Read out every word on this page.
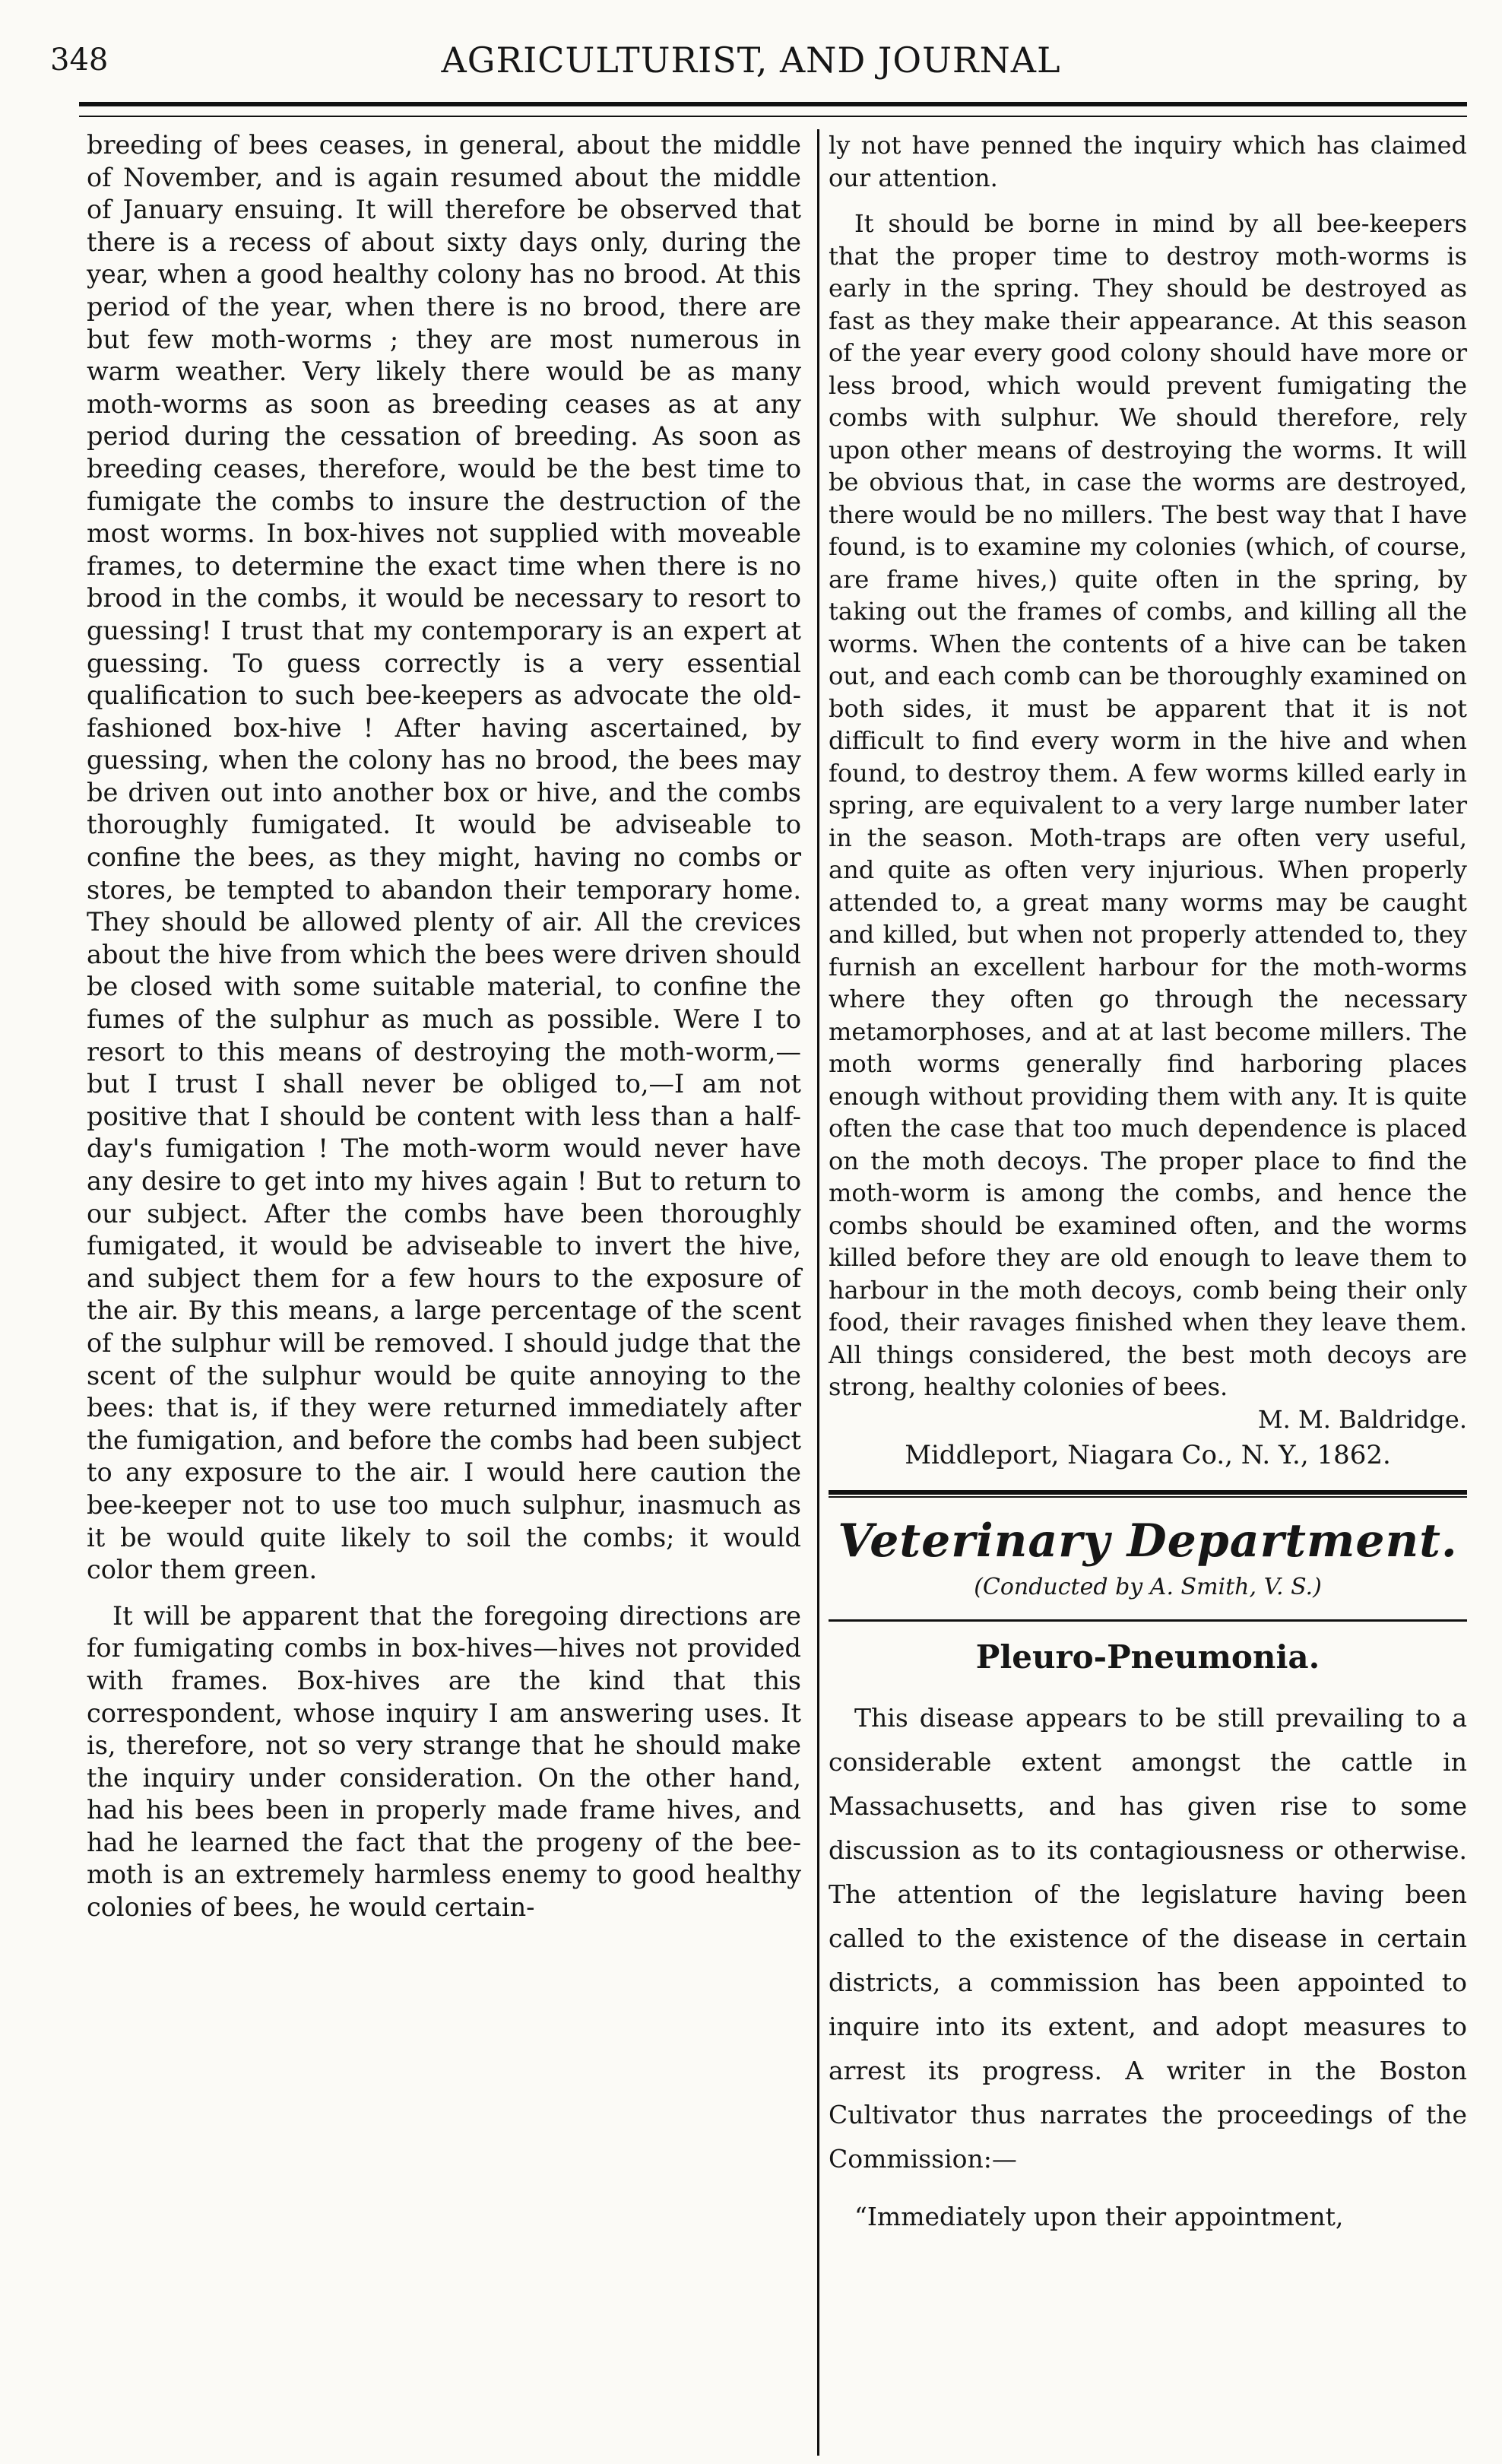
348	AGRICULTURIST, AND JOURNAL

breeding of bees ceases, in general, about the middle of November, and is again resumed about the middle of January ensuing. It will therefore be observed that there is a recess of about sixty days only, during the year, when a good healthy colony has no brood. At this period of the year, when there is no brood, there are but few moth-worms ; they are most numerous in warm weather. Very likely there would be as many moth-worms as soon as breeding ceases as at any period during the cessation of breeding. As soon as breeding ceases, therefore, would be the best time to fumigate the combs to insure the destruction of the most worms. In box-hives not supplied with moveable frames, to determine the exact time when there is no brood in the combs, it would be necessary to resort to guessing! I trust that my contemporary is an expert at guessing. To guess correctly is a very essential qualification to such bee-keepers as advocate the old-fashioned box-hive ! After having ascertained, by guessing, when the colony has no brood, the bees may be driven out into another box or hive, and the combs thoroughly fumigated. It would be adviseable to confine the bees, as they might, having no combs or stores, be tempted to abandon their temporary home. They should be allowed plenty of air. All the crevices about the hive from which the bees were driven should be closed with some suitable material, to confine the fumes of the sulphur as much as possible. Were I to resort to this means of destroying the moth-worm,—but I trust I shall never be obliged to,—I am not positive that I should be content with less than a half-day's fumigation ! The moth-worm would never have any desire to get into my hives again ! But to return to our subject. After the combs have been thoroughly fumigated, it would be adviseable to invert the hive, and subject them for a few hours to the exposure of the air. By this means, a large percentage of the scent of the sulphur will be removed. I should judge that the scent of the sulphur would be quite annoying to the bees: that is, if they were returned immediately after the fumigation, and before the combs had been subject to any exposure to the air. I would here caution the bee-keeper not to use too much sulphur, inasmuch as it be would quite likely to soil the combs; it would color them green.

It will be apparent that the foregoing directions are for fumigating combs in box-hives—hives not provided with frames. Box-hives are the kind that this correspondent, whose inquiry I am answering uses. It is, therefore, not so very strange that he should make the inquiry under consideration. On the other hand, had his bees been in properly made frame hives, and had he learned the fact that the progeny of the bee-moth is an extremely harmless enemy to good healthy colonies of bees, he would certain-

ly not have penned the inquiry which has claimed our attention.

It should be borne in mind by all bee-keepers that the proper time to destroy moth-worms is early in the spring. They should be destroyed as fast as they make their appearance. At this season of the year every good colony should have more or less brood, which would prevent fumigating the combs with sulphur. We should therefore, rely upon other means of destroying the worms. It will be obvious that, in case the worms are destroyed, there would be no millers. The best way that I have found, is to examine my colonies (which, of course, are frame hives,) quite often in the spring, by taking out the frames of combs, and killing all the worms. When the contents of a hive can be taken out, and each comb can be thoroughly examined on both sides, it must be apparent that it is not difficult to find every worm in the hive and when found, to destroy them. A few worms killed early in spring, are equivalent to a very large number later in the season. Moth-traps are often very useful, and quite as often very injurious. When properly attended to, a great many worms may be caught and killed, but when not properly attended to, they furnish an excellent harbour for the moth-worms where they often go through the necessary metamorphoses, and at at last become millers. The moth worms generally find harboring places enough without providing them with any. It is quite often the case that too much dependence is placed on the moth decoys. The proper place to find the moth-worm is among the combs, and hence the combs should be examined often, and the worms killed before they are old enough to leave them to harbour in the moth decoys, comb being their only food, their ravages finished when they leave them. All things considered, the best moth decoys are strong, healthy colonies of bees.

M. M. Baldridge.
Middleport, Niagara Co., N. Y., 1862.
Veterinary Department.
(Conducted by A. Smith, V. S.)
Pleuro-Pneumonia.

This disease appears to be still prevailing to a considerable extent amongst the cattle in Massachusetts, and has given rise to some discussion as to its contagiousness or otherwise. The attention of the legislature having been called to the existence of the disease in certain districts, a commission has been appointed to inquire into its extent, and adopt measures to arrest its progress. A writer in the Boston Cultivator thus narrates the proceedings of the Commission:—

“Immediately upon their appointment,
